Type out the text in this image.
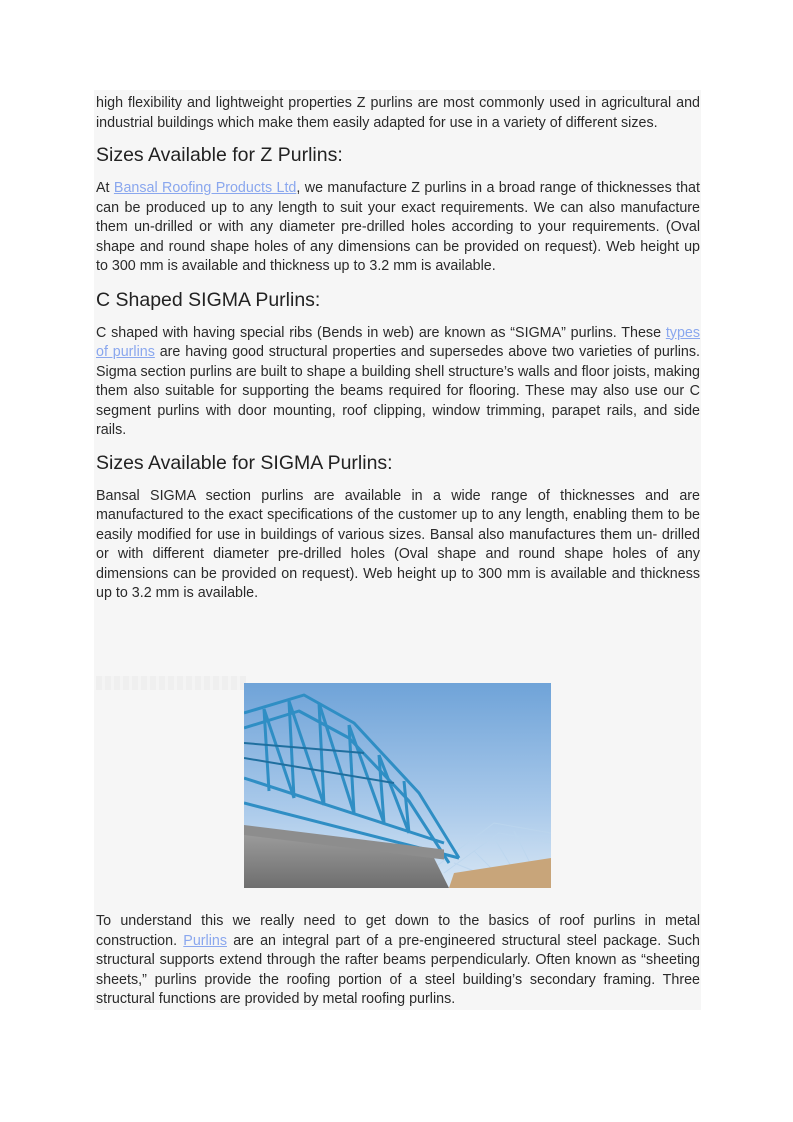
high flexibility and lightweight properties Z purlins are most commonly used in agricultural and industrial buildings which make them easily adapted for use in a variety of different sizes.

Sizes Available for Z Purlins:

At Bansal Roofing Products Ltd, we manufacture Z purlins in a broad range of thicknesses that can be produced up to any length to suit your exact requirements. We can also manufacture them un-drilled or with any diameter pre-drilled holes according to your requirements. (Oval shape and round shape holes of any dimensions can be provided on request). Web height up to 300 mm is available and thickness up to 3.2 mm is available.

C Shaped SIGMA Purlins:

C shaped with having special ribs (Bends in web) are known as “SIGMA” purlins. These types of purlins are having good structural properties and supersedes above two varieties of purlins. Sigma section purlins are built to shape a building shell structure’s walls and floor joists, making them also suitable for supporting the beams required for flooring. These may also use our C segment purlins with door mounting, roof clipping, window trimming, parapet rails, and side rails.

Sizes Available for SIGMA Purlins:

Bansal SIGMA section purlins are available in a wide range of thicknesses and are manufactured to the exact specifications of the customer up to any length, enabling them to be easily modified for use in buildings of various sizes. Bansal also manufactures them un- drilled or with different diameter pre-drilled holes (Oval shape and round shape holes of any dimensions can be provided on request). Web height up to 300 mm is available and thickness up to 3.2 mm is available.

To understand this we really need to get down to the basics of roof purlins in metal construction. Purlins are an integral part of a pre-engineered structural steel package. Such structural supports extend through the rafter beams perpendicularly. Often known as “sheeting sheets,” purlins provide the roofing portion of a steel building’s secondary framing. Three structural functions are provided by metal roofing purlins.
